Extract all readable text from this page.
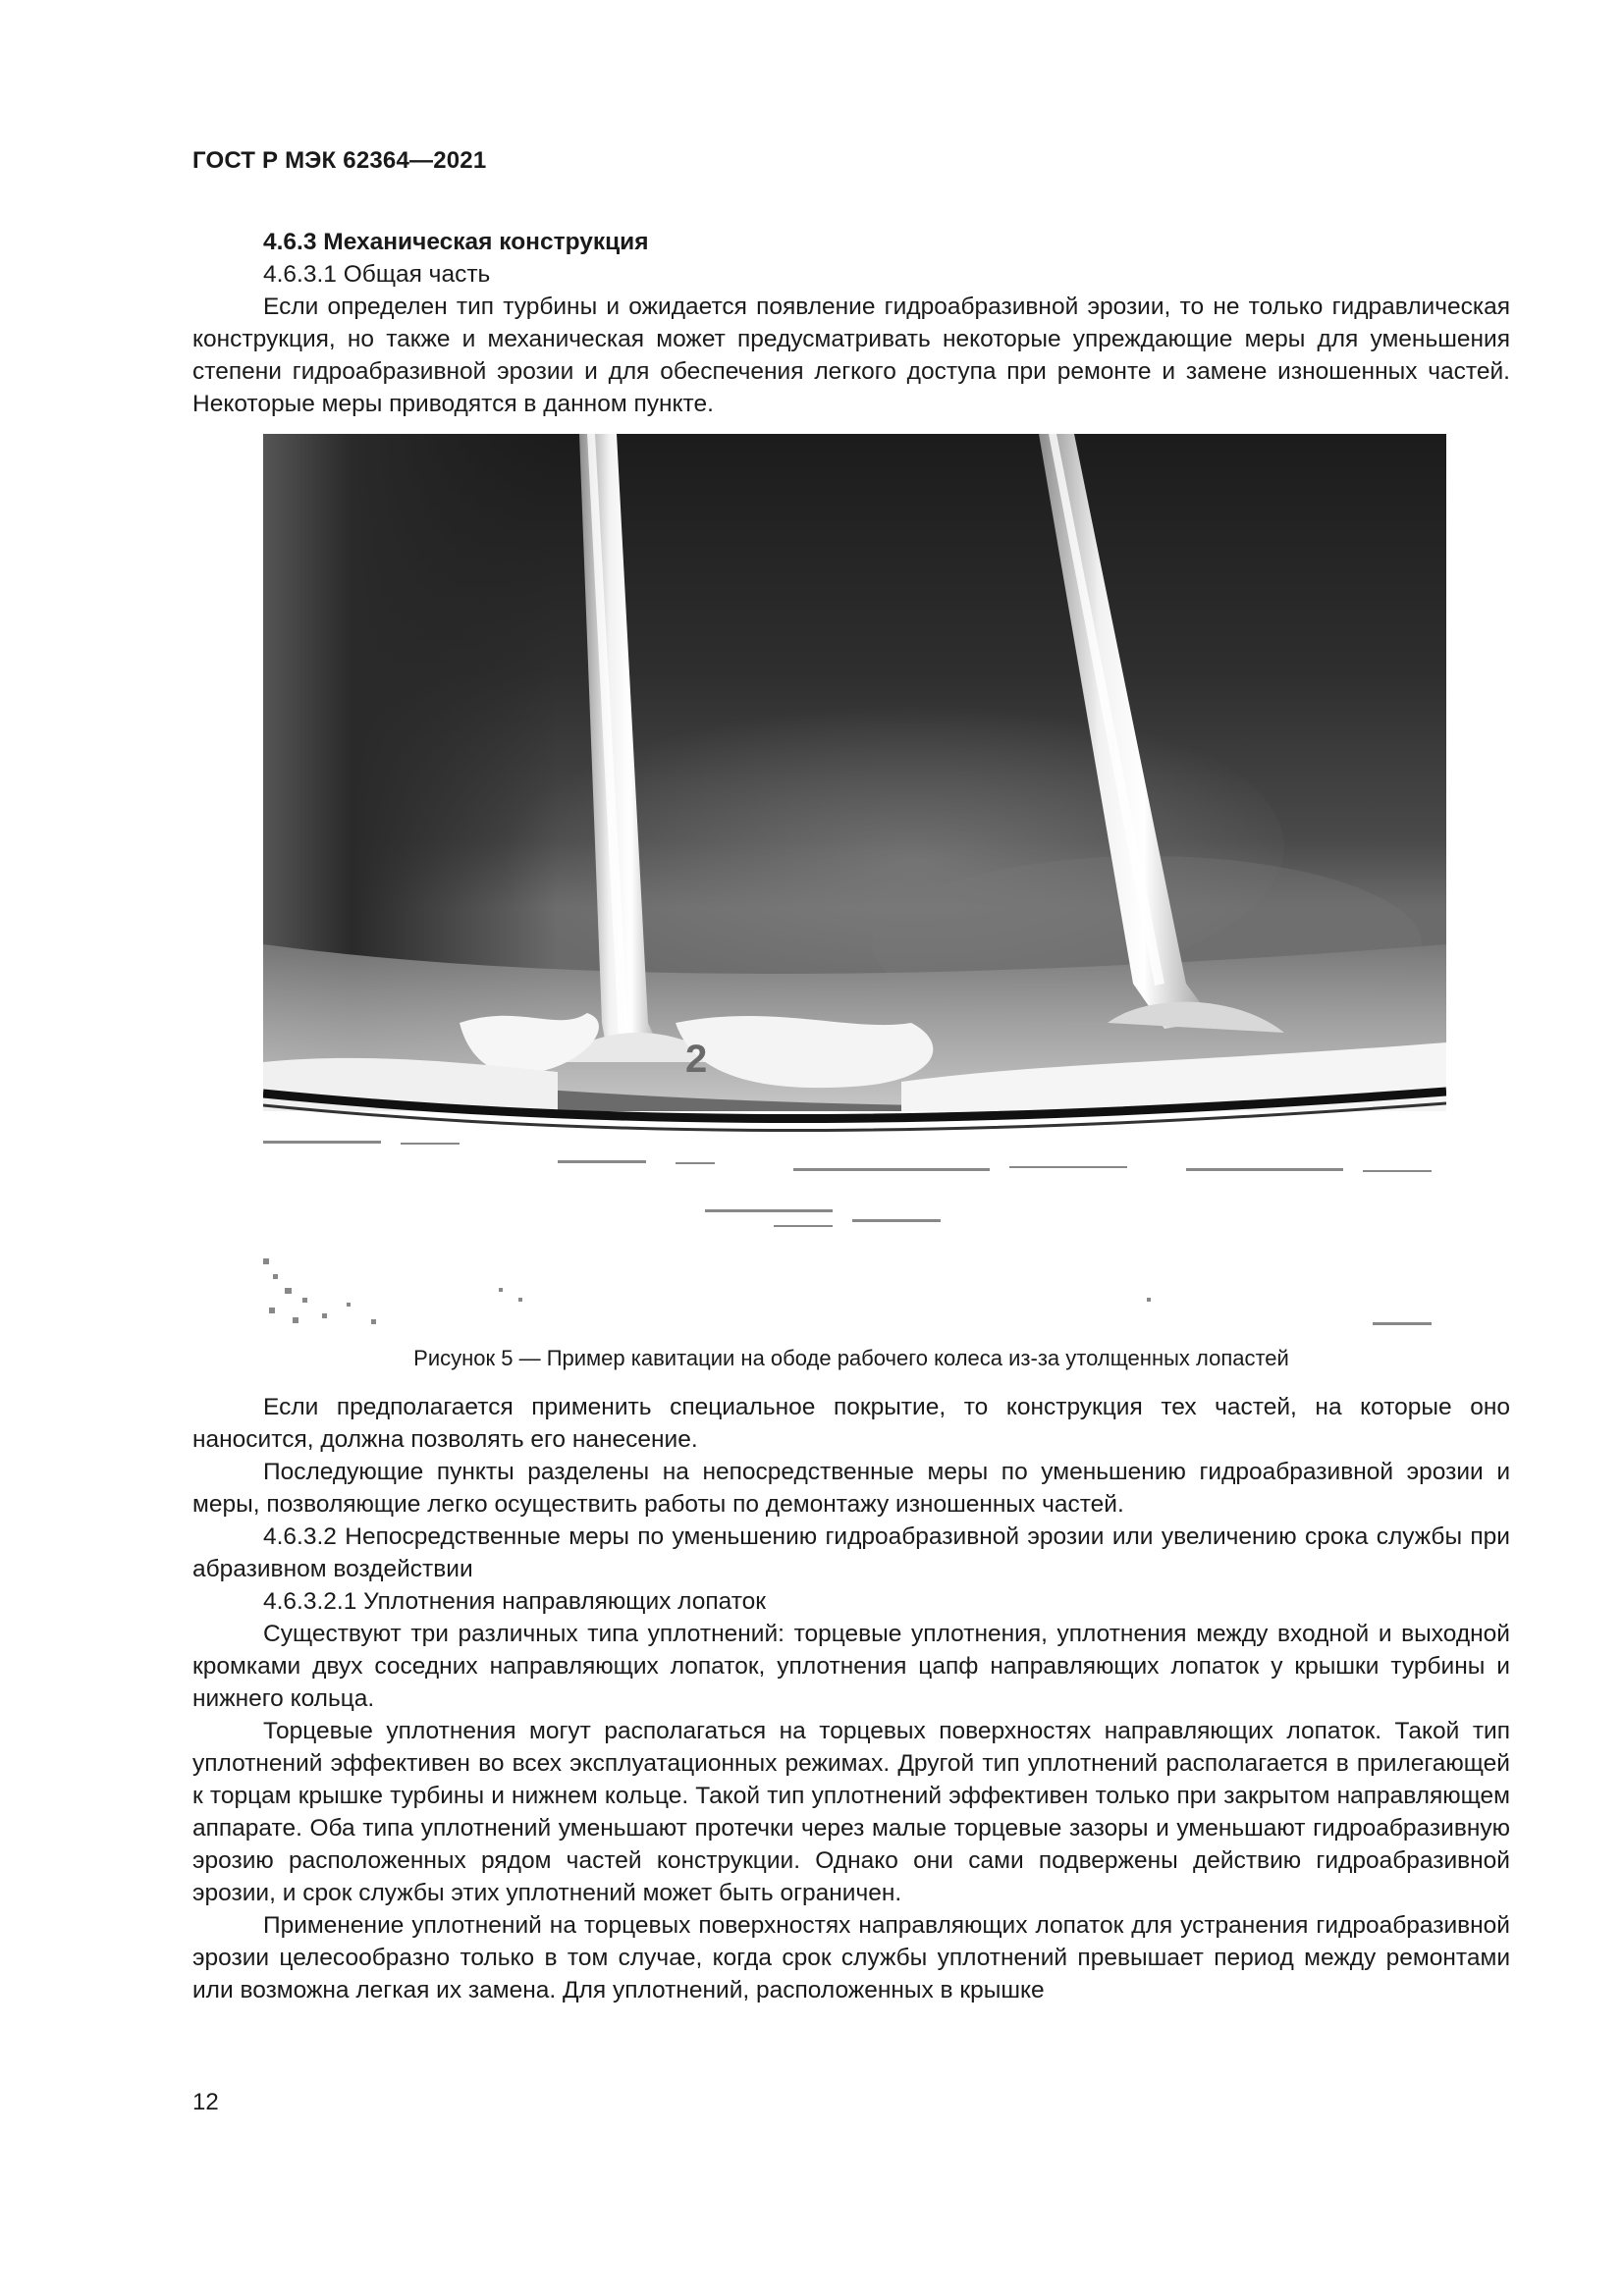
ГОСТ Р МЭК 62364—2021

4.6.3 Механическая конструкция

4.6.3.1 Общая часть

Если определен тип турбины и ожидается появление гидроабразивной эрозии, то не только гидравлическая конструкция, но также и механическая может предусматривать некоторые упреждающие меры для уменьшения степени гидроабразивной эрозии и для обеспечения легкого доступа при ремонте и замене изношенных частей. Некоторые меры приводятся в данном пункте.

2

Рисунок 5 — Пример кавитации на ободе рабочего колеса из-за утолщенных лопастей

Если предполагается применить специальное покрытие, то конструкция тех частей, на которые оно наносится, должна позволять его нанесение.

Последующие пункты разделены на непосредственные меры по уменьшению гидроабразивной эрозии и меры, позволяющие легко осуществить работы по демонтажу изношенных частей.

4.6.3.2 Непосредственные меры по уменьшению гидроабразивной эрозии или увеличению срока службы при абразивном воздействии

4.6.3.2.1 Уплотнения направляющих лопаток

Существуют три различных типа уплотнений: торцевые уплотнения, уплотнения между входной и выходной кромками двух соседних направляющих лопаток, уплотнения цапф направляющих лопаток у крышки турбины и нижнего кольца.

Торцевые уплотнения могут располагаться на торцевых поверхностях направляющих лопаток. Такой тип уплотнений эффективен во всех эксплуатационных режимах. Другой тип уплотнений располагается в прилегающей к торцам крышке турбины и нижнем кольце. Такой тип уплотнений эффективен только при закрытом направляющем аппарате. Оба типа уплотнений уменьшают протечки через малые торцевые зазоры и уменьшают гидроабразивную эрозию расположенных рядом частей конструкции. Однако они сами подвержены действию гидроабразивной эрозии, и срок службы этих уплотнений может быть ограничен.

Применение уплотнений на торцевых поверхностях направляющих лопаток для устранения гидроабразивной эрозии целесообразно только в том случае, когда срок службы уплотнений превышает период между ремонтами или возможна легкая их замена. Для уплотнений, расположенных в крышке

12
